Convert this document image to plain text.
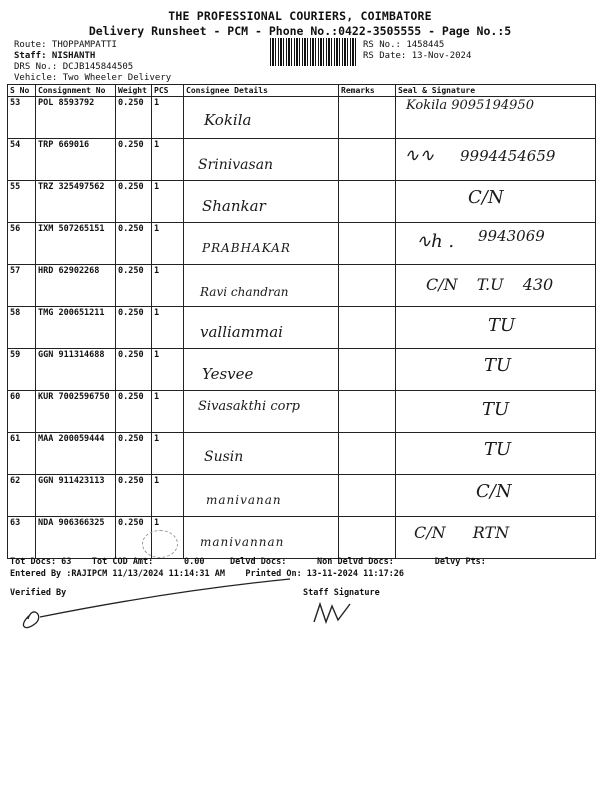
THE PROFESSIONAL COURIERS, COIMBATORE
Delivery Runsheet - PCM - Phone No.:0422-3505555 - Page No.:5
Route: THOPPAMPATTI
Staff: NISHANTH
DRS No.: DCJB145844505
Vehicle: Two Wheeler Delivery
RS No.: 1458445
RS Date: 13-Nov-2024
S No	Consignment No	Weight	PCS	Consignee Details	Remarks	Seal & Signature
53	POL 8593792	0.250	1	Kokila		Kokila 9095194950

54	TRP 669016	0.250	1	Srinivasan		∿∿ 9994454659

55	TRZ 325497562	0.250	1	Shankar		C/N

56	IXM 507265151	0.250	1	PRABHAKAR		∿h . 9943069

57	HRD 62902268	0.250	1	Ravi chandran		C/N T.U 430

58	TMG 200651211	0.250	1	valliammai		TU

59	GGN 911314688	0.250	1	Yesvee		TU

60	KUR 7002596750	0.250	1	Sivasakthi corp		TU

61	MAA 200059444	0.250	1	Susin		TU

62	GGN 911423113	0.250	1	manivanan		C/N

63	NDA 906366325	0.250	1	manivannan		C/N RTN
Tot Docs: 63    Tot COD Amt:      0.00     Delvd Docs:      Non Delvd Docs:        Delvy Pts:
Entered By :RAJIPCM 11/13/2024 11:14:31 AM    Printed On: 13-11-2024 11:17:26
Verified By	Staff Signature
